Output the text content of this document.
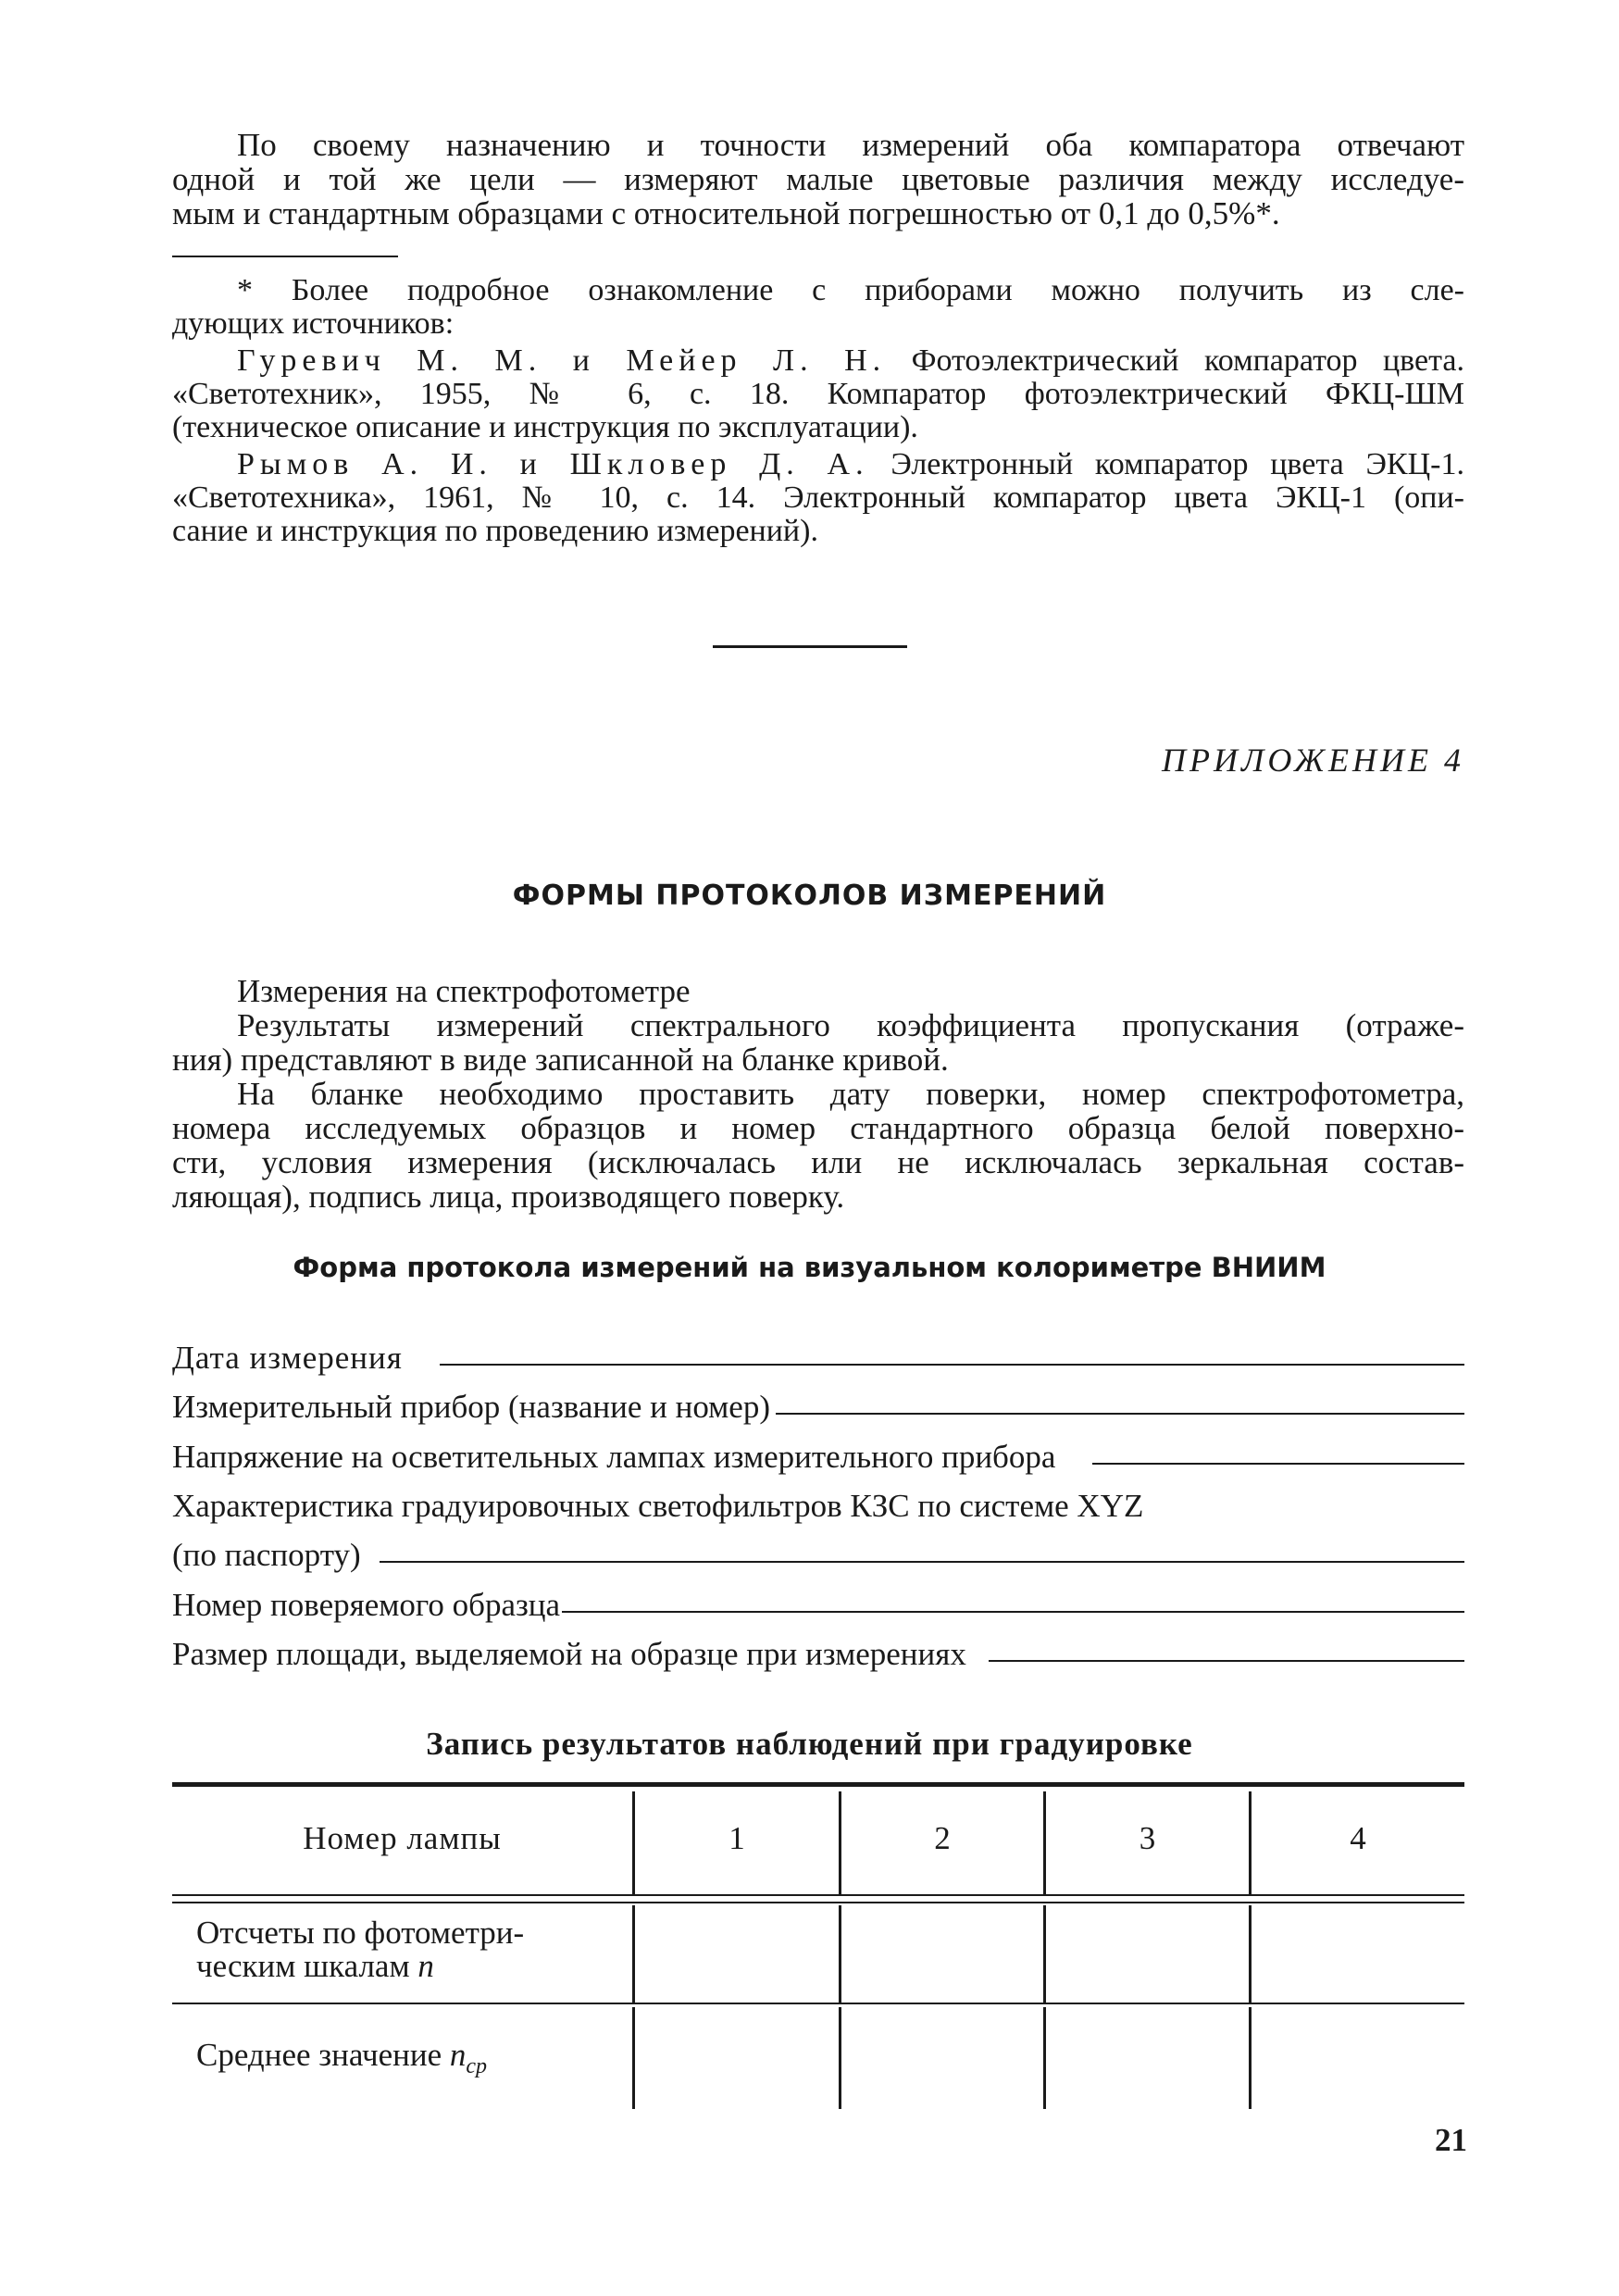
По своему назначению и точности измерений оба компаратора отвечают
одной и той же цели — измеряют малые цветовые различия между исследуе-
мым и стандартным образцами с относительной погрешностью от 0,1 до 0,5%*.
* Более подробное ознакомление с приборами можно получить из сле-
дующих источников:
Гуревич М. М. и Мейер Л. Н. Фотоэлектрический компаратор цвета.
«Светотехник», 1955, № 6, с. 18. Компаратор фотоэлектрический ФКЦ-ШМ
(техническое описание и инструкция по эксплуатации).
Рымов А. И. и Шкловер Д. А. Электронный компаратор цвета ЭКЦ-1.
«Светотехника», 1961, № 10, с. 14. Электронный компаратор цвета ЭКЦ-1 (опи-
сание и инструкция по проведению измерений).
ПРИЛОЖЕНИЕ 4
ФОРМЫ ПРОТОКОЛОВ ИЗМЕРЕНИЙ
Измерения на спектрофотометре
Результаты измерений спектрального коэффициента пропускания (отраже-
ния) представляют в виде записанной на бланке кривой.
На бланке необходимо проставить дату поверки, номер спектрофотометра,
номера исследуемых образцов и номер стандартного образца белой поверхно-
сти, условия измерения (исключалась или не исключалась зеркальная состав-
ляющая), подпись лица, производящего поверку.
Форма протокола измерений на визуальном колориметре ВНИИМ
Дата измерения
Измерительный прибор (название и номер)
Напряжение на осветительных лампах измерительного прибора
Характеристика градуировочных светофильтров КЗС по системе XYZ
(по паспорту)
Номер поверяемого образца
Размер площади, выделяемой на образце при измерениях
Запись результатов наблюдений при градуировке
Номер лампы	1	2	3	4
Отсчеты по фотометри-
ческим шкалам n
Среднее значение $n_{ср}$
21
